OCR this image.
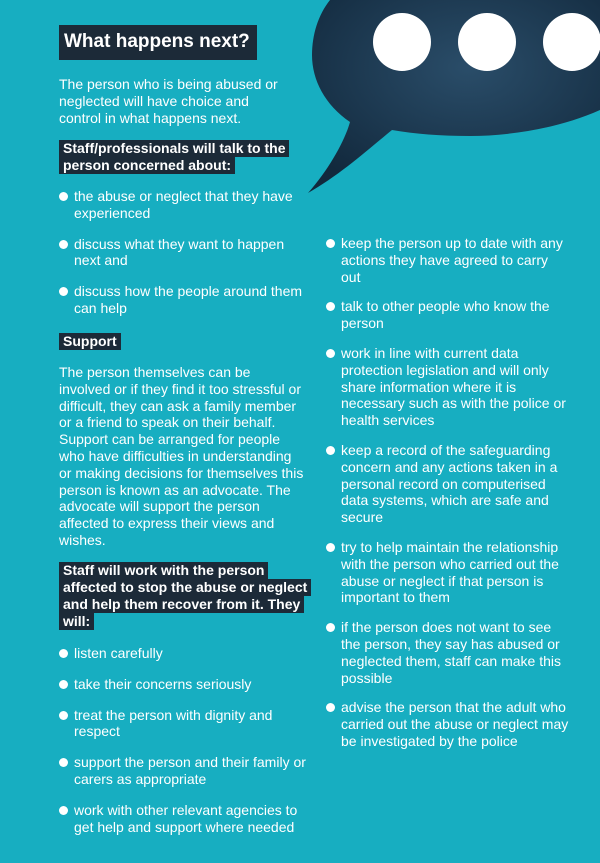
What happens next?

The person who is being abused or neglected will have choice and control in what happens next.

Staff/professionals will talk to the
person concerned about:
the abuse or neglect that they have experienced
discuss what they want to happen next and
discuss how the people around them can help
Support

The person themselves can be involved or if they find it too stressful or difficult, they can ask a family member or a friend to speak on their behalf. Support can be arranged for people who have difficulties in understanding or making decisions for themselves this person is known as an advocate. The advocate will support the person affected to express their views and wishes.

Staff will work with the person
affected to stop the abuse or neglect
and help them recover from it. They
will:
listen carefully
take their concerns seriously
treat the person with dignity and respect
support the person and their family or carers as appropriate
work with other relevant agencies to get help and support where needed
keep the person up to date with any actions they have agreed to carry out
talk to other people who know the person
work in line with current data protection legislation and will only share information where it is necessary such as with the police or health services
keep a record of the safeguarding concern and any actions taken in a personal record on computerised data systems, which are safe and secure
try to help maintain the relationship with the person who carried out the abuse or neglect if that person is important to them
if the person does not want to see the person, they say has abused or neglected them, staff can make this possible
advise the person that the adult who carried out the abuse or neglect may be investigated by the police
